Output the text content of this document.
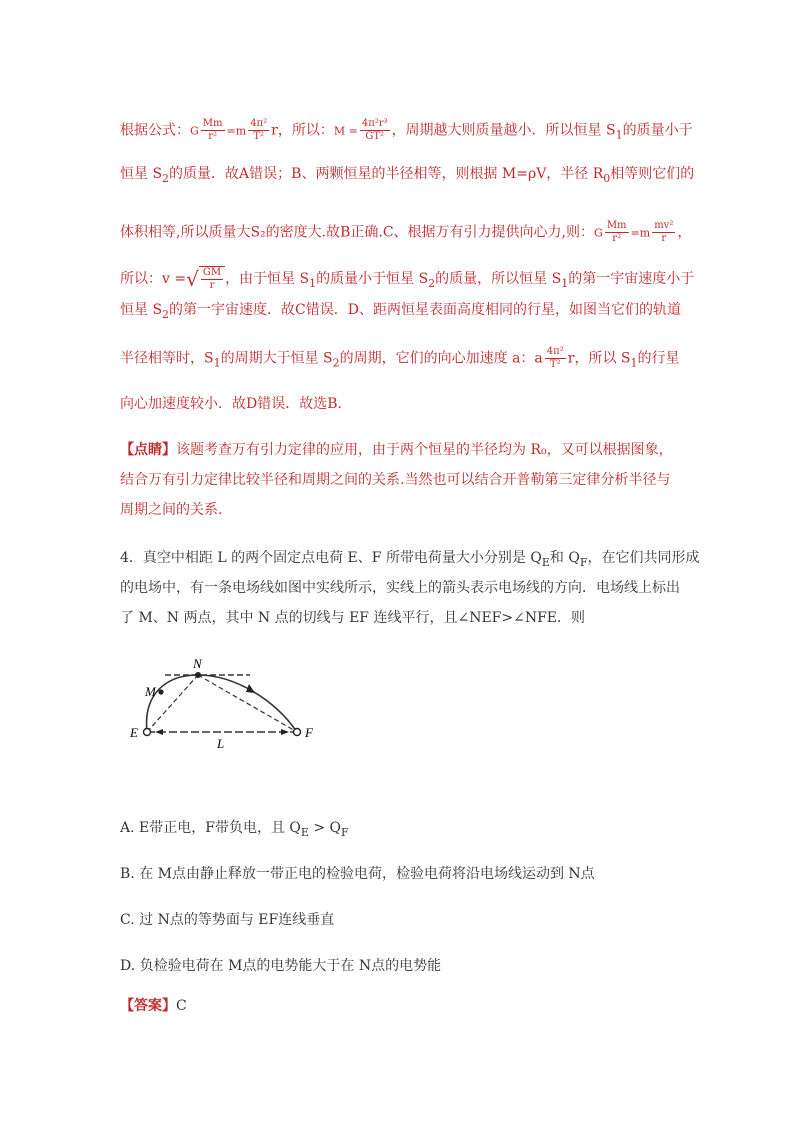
根据公式：G $\frac{Mm}{\text{r²}} =m \frac{\text{4π²}}{\text{T²}}$ r，所以：$M = \frac{\text{4π²r³}}{\text{GT²}}$ ，周期越大则质量越小．所以恒星 $S_1$的质量小于
恒星 $S_2$的质量．故A错误；B、两颗恒星的半径相等，则根据 M=ρV，半径 $R_0$相等则它们的
体积相等,所以质量大S₂的密度大.故B正确.C、根据万有引力提供向心力,则：G $\frac{Mm}{\text{r²}} =m \frac{\text{mv²}}{r}$ ，
所以：v =√ $\frac{GM}{r}$ ，由于恒星 $S_1$的质量小于恒星 $S_2$的质量，所以恒星 $S_1$的第一宇宙速度小于
恒星 $S_2$的第一宇宙速度．故C错误．D、距两恒星表面高度相同的行星，如图当它们的轨道
半径相等时，$S_1$的周期大于恒星 $S_2$的周期，它们的向心加速度 a：a $\frac{\text{4π²}}{\text{T²}}$ r，所以 $S_1$的行星
向心加速度较小．故D错误．故选B.
【点睛】该题考查万有引力定律的应用，由于两个恒星的半径均为 R₀，又可以根据图象，
结合万有引力定律比较半径和周期之间的关系.当然也可以结合开普勒第三定律分析半径与
周期之间的关系.
4．真空中相距 L 的两个固定点电荷 E、F 所带电荷量大小分别是 $Q_E$和 $Q_F$，在它们共同形成
的电场中，有一条电场线如图中实线所示，实线上的箭头表示电场线的方向．电场线上标出
了 M、N 两点，其中 N 点的切线与 EF 连线平行，且∠NEF>∠NFE．则
N
M
E	F
L
A. E带正电，F带负电，且 $Q_E > Q_F$
B. 在 M点由静止释放一带正电的检验电荷，检验电荷将沿电场线运动到 N点
C. 过 N点的等势面与 EF连线垂直
D. 负检验电荷在 M点的电势能大于在 N点的电势能
【答案】C
